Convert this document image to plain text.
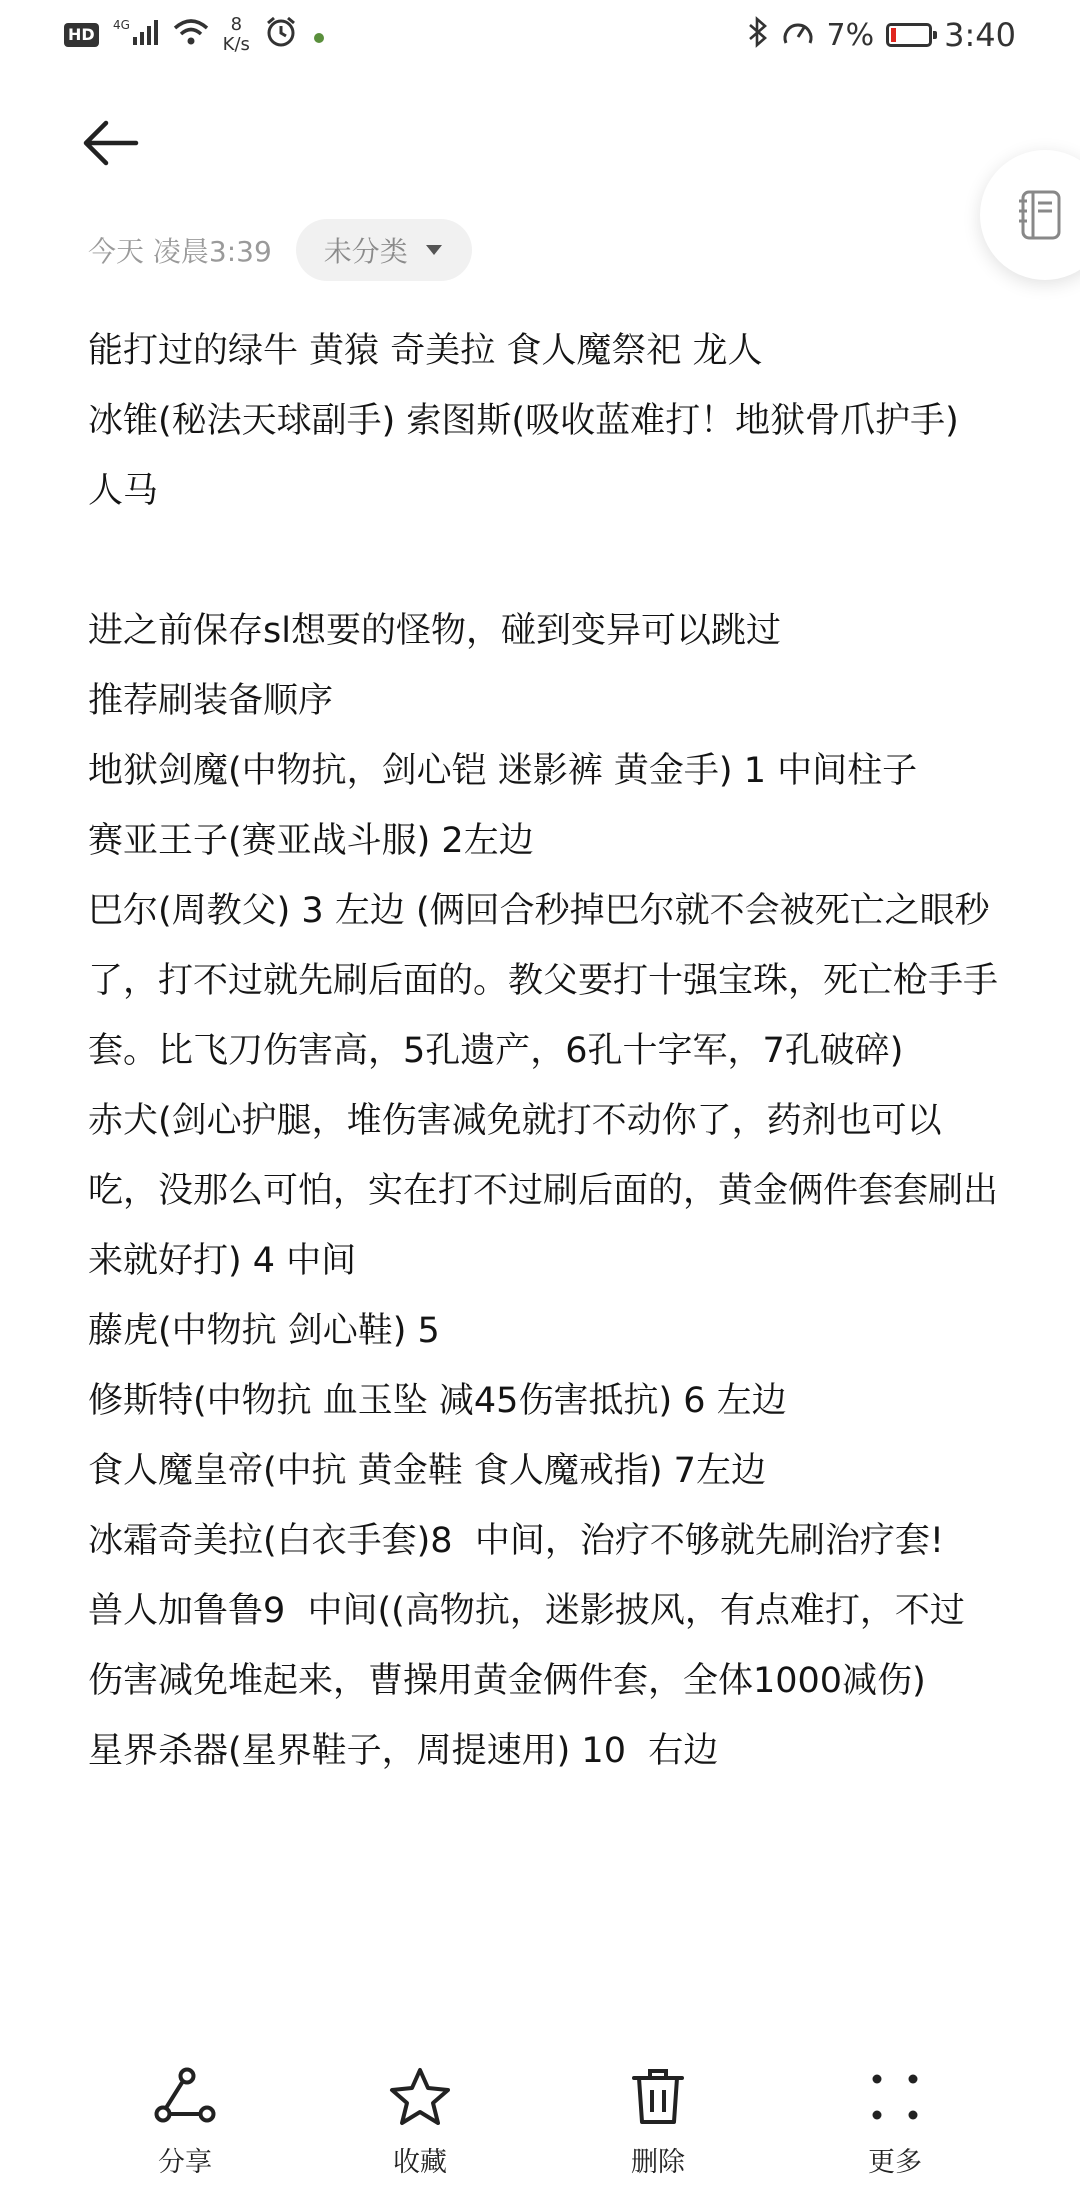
HD
4G	8
K/s	7% 3:40
今天 凌晨3:39 未分类
能打过的绿牛 黄猿 奇美拉 食人魔祭祀 龙人
冰锥(秘法天球副手) 索图斯(吸收蓝难打！地狱骨爪护手)
人马
进之前保存sl想要的怪物，碰到变异可以跳过
推荐刷装备顺序
地狱剑魔(中物抗，剑心铠 迷影裤 黄金手) 1 中间柱子
赛亚王子(赛亚战斗服) 2左边
巴尔(周教父) 3 左边 (俩回合秒掉巴尔就不会被死亡之眼秒了，打不过就先刷后面的。教父要打十强宝珠，死亡枪手手套。比飞刀伤害高，5孔遗产，6孔十字军，7孔破碎)
赤犬(剑心护腿，堆伤害减免就打不动你了，药剂也可以吃，没那么可怕，实在打不过刷后面的，黄金俩件套套刷出来就好打) 4 中间
藤虎(中物抗 剑心鞋) 5
修斯特(中物抗 血玉坠 减45伤害抵抗) 6 左边
食人魔皇帝(中抗 黄金鞋 食人魔戒指) 7左边
冰霜奇美拉(白衣手套)8  中间，治疗不够就先刷治疗套!
兽人加鲁鲁9  中间((高物抗，迷影披风，有点难打，不过伤害减免堆起来，曹操用黄金俩件套，全体1000减伤)
星界杀器(星界鞋子，周提速用) 10  右边
分享	收藏	删除	更多
